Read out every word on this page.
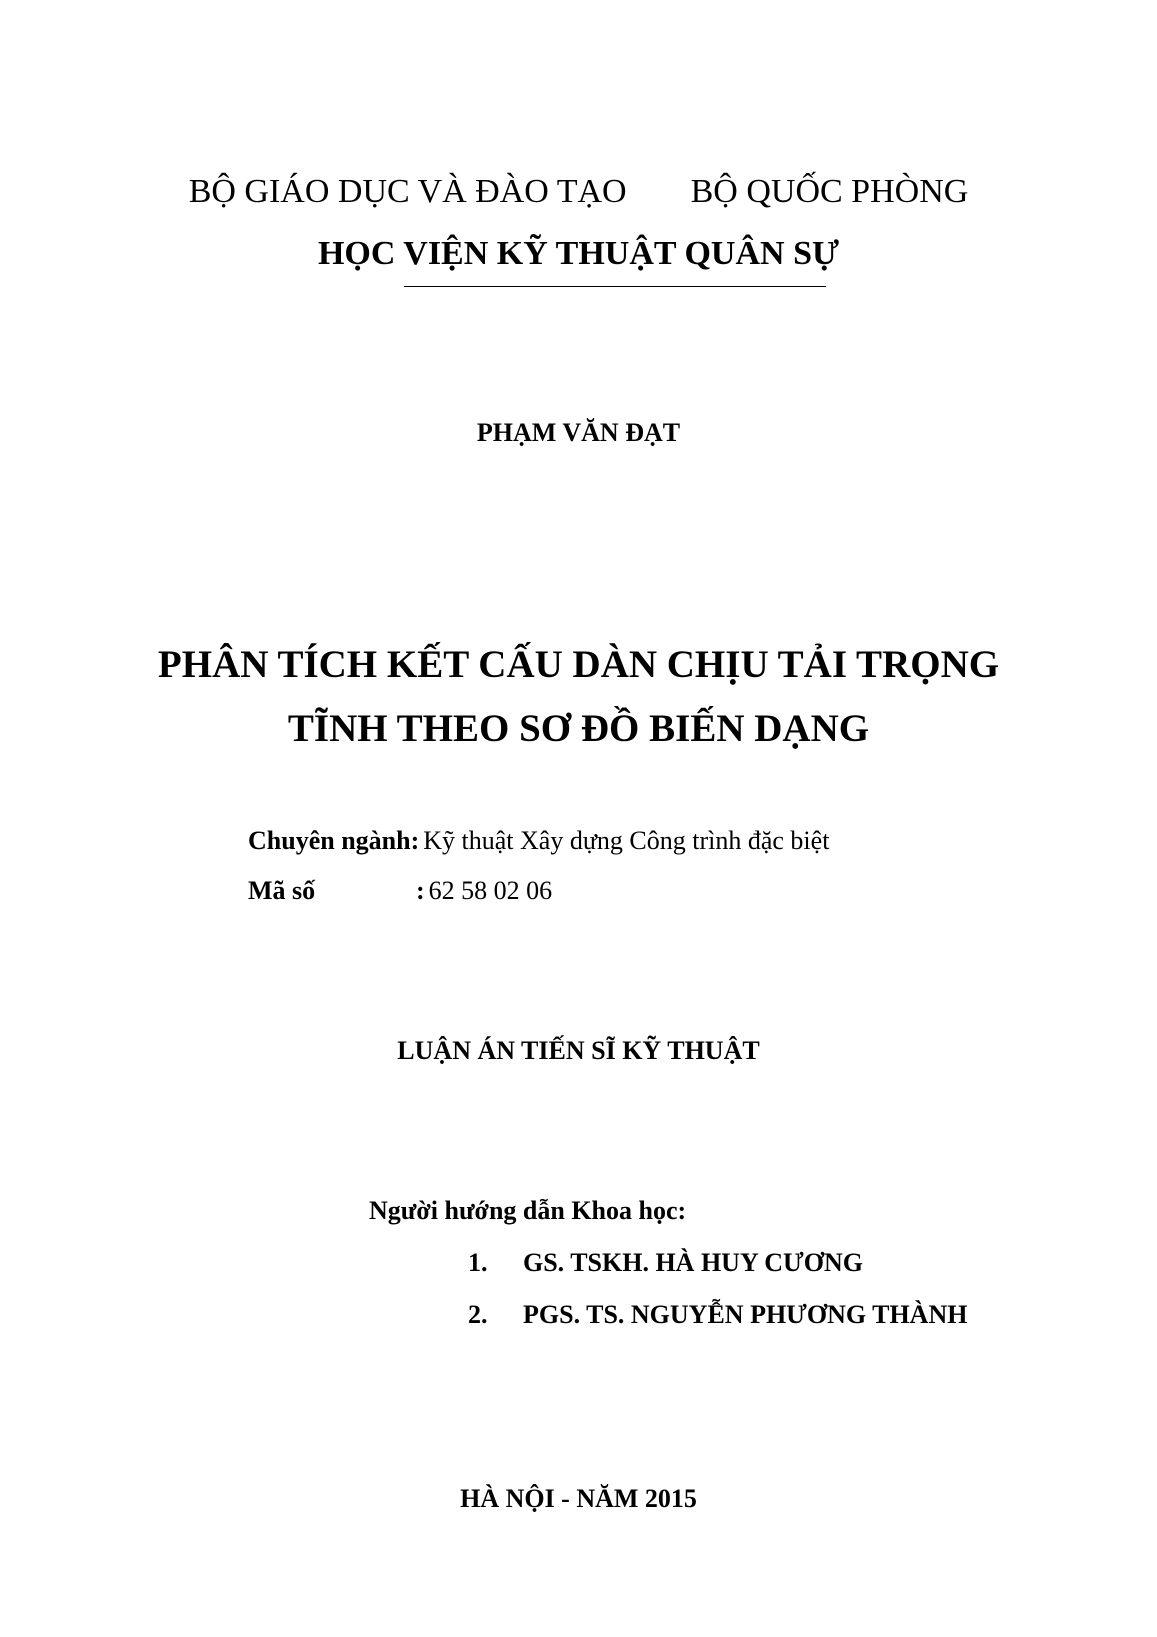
BỘ GIÁO DỤC VÀ ĐÀO TẠO BỘ QUỐC PHÒNG
HỌC VIỆN KỸ THUẬT QUÂN SỰ
PHẠM VĂN ĐẠT
PHÂN TÍCH KẾT CẤU DÀN CHỊU TẢI TRỌNG
TĨNH THEO SƠ ĐỒ BIẾN DẠNG
Chuyên ngành: Kỹ thuật Xây dựng Công trình đặc biệt
Mã số	: 62 58 02 06
LUẬN ÁN TIẾN SĨ KỸ THUẬT
Người hướng dẫn Khoa học:
1. GS. TSKH. HÀ HUY CƯƠNG
2. PGS. TS. NGUYỄN PHƯƠNG THÀNH
HÀ NỘI - NĂM 2015
